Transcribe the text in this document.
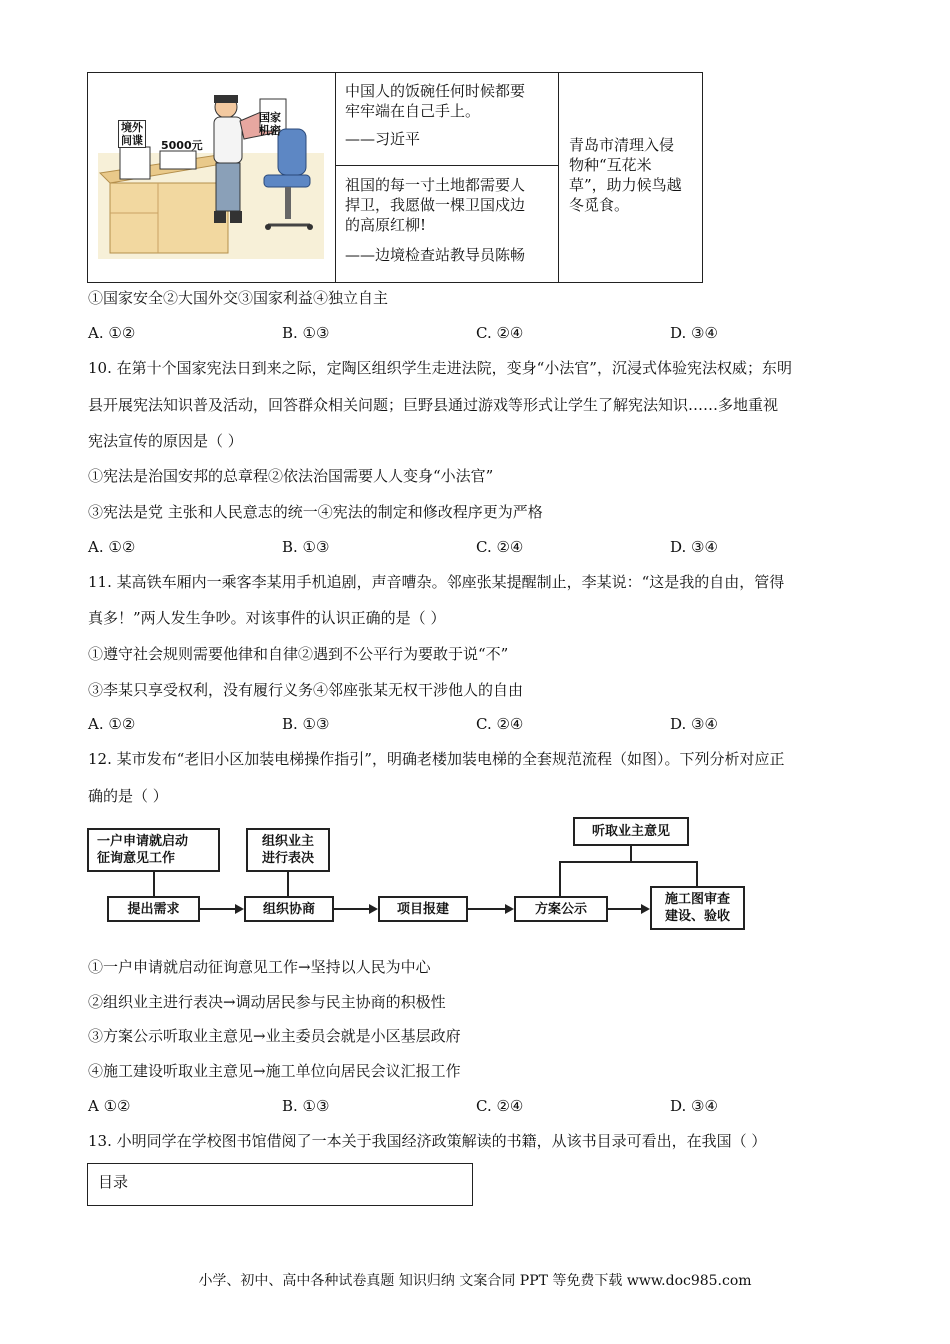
境外间谍
国家机密
5000元
中国人的饭碗任何时候都要
牢牢端在自己手上。
——习近平
祖国的每一寸土地都需要人
捍卫，我愿做一棵卫国戍边
的高原红柳!
——边境检查站教导员陈畅
青岛市清理入侵
物种“互花米
草”，助力候鸟越
冬觅食。
①国家安全②大国外交③国家利益④独立自主
A. ①②	B. ①③	C. ②④	D. ③④
10. 在第十个国家宪法日到来之际，定陶区组织学生走进法院，变身“小法官”，沉浸式体验宪法权威；东明
县开展宪法知识普及活动，回答群众相关问题；巨野县通过游戏等形式让学生了解宪法知识……多地重视
宪法宣传的原因是（ ）
①宪法是治国安邦的总章程②依法治国需要人人变身“小法官”
③宪法是党 主张和人民意志的统一④宪法的制定和修改程序更为严格
A. ①②	B. ①③	C. ②④	D. ③④
11. 某高铁车厢内一乘客李某用手机追剧，声音嘈杂。邻座张某提醒制止，李某说：“这是我的自由，管得
真多！”两人发生争吵。对该事件的认识正确的是（ ）
①遵守社会规则需要他律和自律②遇到不公平行为要敢于说“不”
③李某只享受权利，没有履行义务④邻座张某无权干涉他人的自由
A. ①②	B. ①③	C. ②④	D. ③④
12. 某市发布“老旧小区加装电梯操作指引”，明确老楼加装电梯的全套规范流程（如图）。下列分析对应正
确的是（ ）
一户申请就启动
征询意见工作
组织业主
进行表决
听取业主意见
提出需求	组织协商	项目报建	方案公示
施工图审查
建设、验收
①一户申请就启动征询意见工作→坚持以人民为中心
②组织业主进行表决→调动居民参与民主协商的积极性
③方案公示听取业主意见→业主委员会就是小区基层政府
④施工建设听取业主意见→施工单位向居民会议汇报工作
A ①②	B. ①③	C. ②④	D. ③④
13. 小明同学在学校图书馆借阅了一本关于我国经济政策解读的书籍，从该书目录可看出，在我国（ ）
目录
小学、初中、高中各种试卷真题 知识归纳 文案合同 PPT 等免费下载 www.doc985.com
